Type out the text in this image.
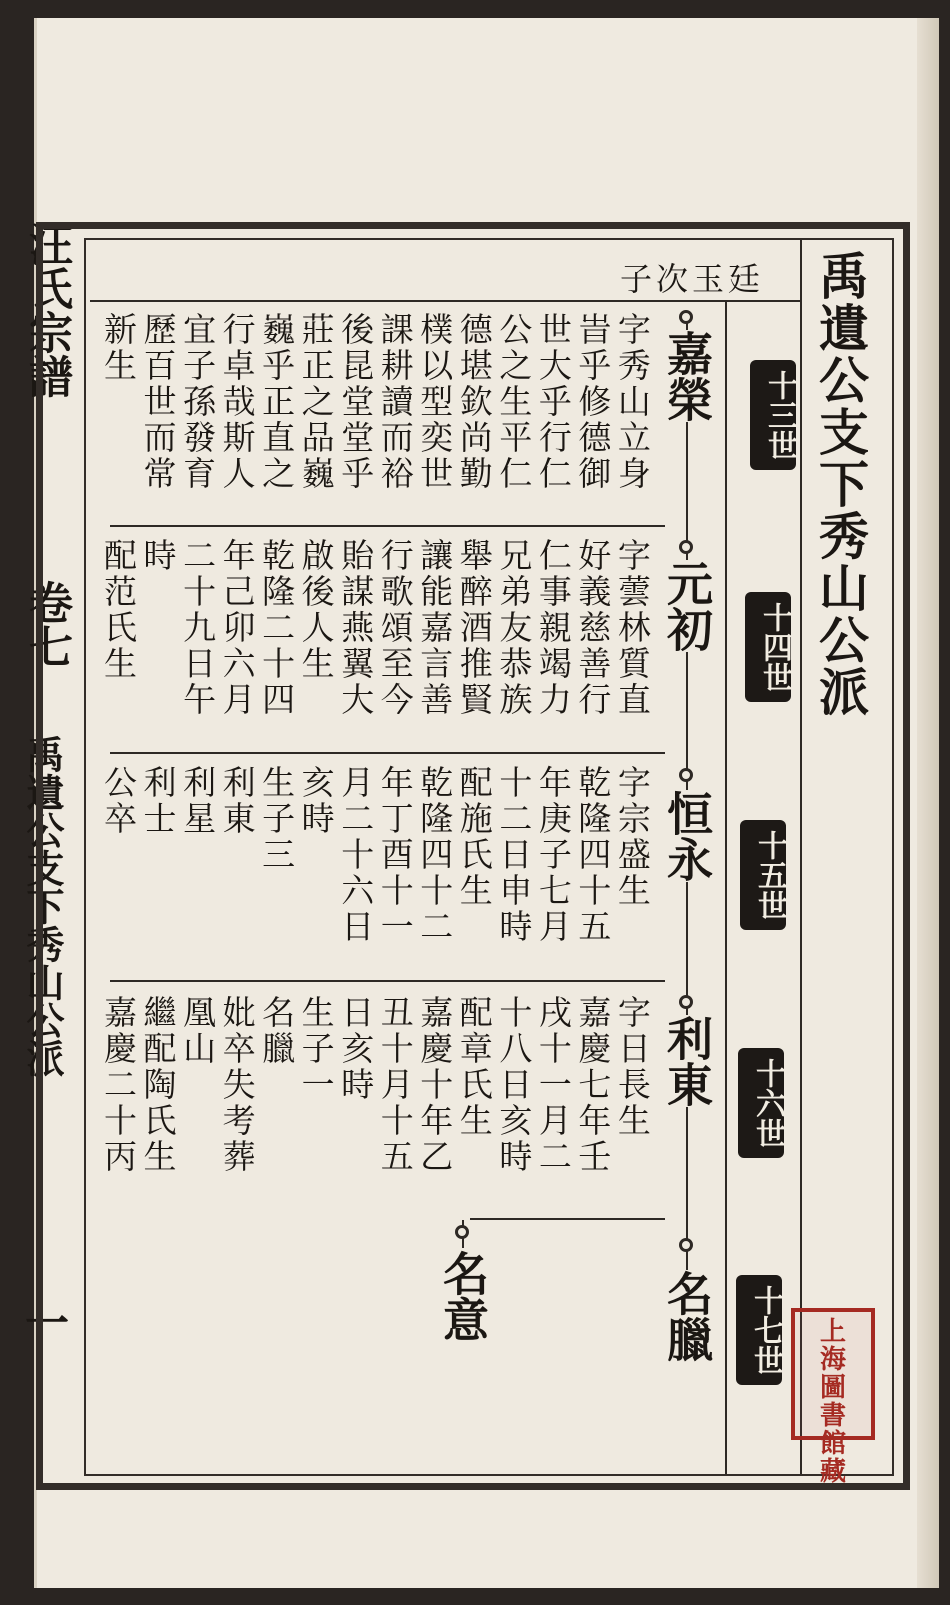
汪氏宗譜
卷七
禹遺公支下秀山公派
一
禹遺公支下秀山公派
十三世
十四世
十五世
十六世
十七世
廷玉次子
嘉榮
元初
恒永
利東
名臘
名意
字秀山立身
旹乎修德御
世大乎行仁
公之生平仁
德堪欽尚勤
樸以型奕世
課耕讀而裕
後昆堂堂乎
莊正之品巍
巍乎正直之
行卓哉斯人
宜子孫發育
歷百世而常
新生
字蕓林質直
好義慈善行
仁事親竭力
兄弟友恭族
舉醉酒推賢
讓能嘉言善
行歌頌至今
貽謀燕翼大
啟後人生
乾隆二十四
年己卯六月
二十九日午
時
配范氏生
字宗盛生
乾隆四十五
年庚子七月
十二日申時
配施氏生
乾隆四十二
年丁酉十一
月二十六日
亥時
生子三
利東
利星
利士
公卒
字日長生
嘉慶七年壬
戌十一月二
十八日亥時
配章氏生
嘉慶十年乙
丑十月十五
日亥時
生子一
名臘
妣卒失考葬
凰山
繼配陶氏生
嘉慶二十丙
上
海
圖
書
館
藏
